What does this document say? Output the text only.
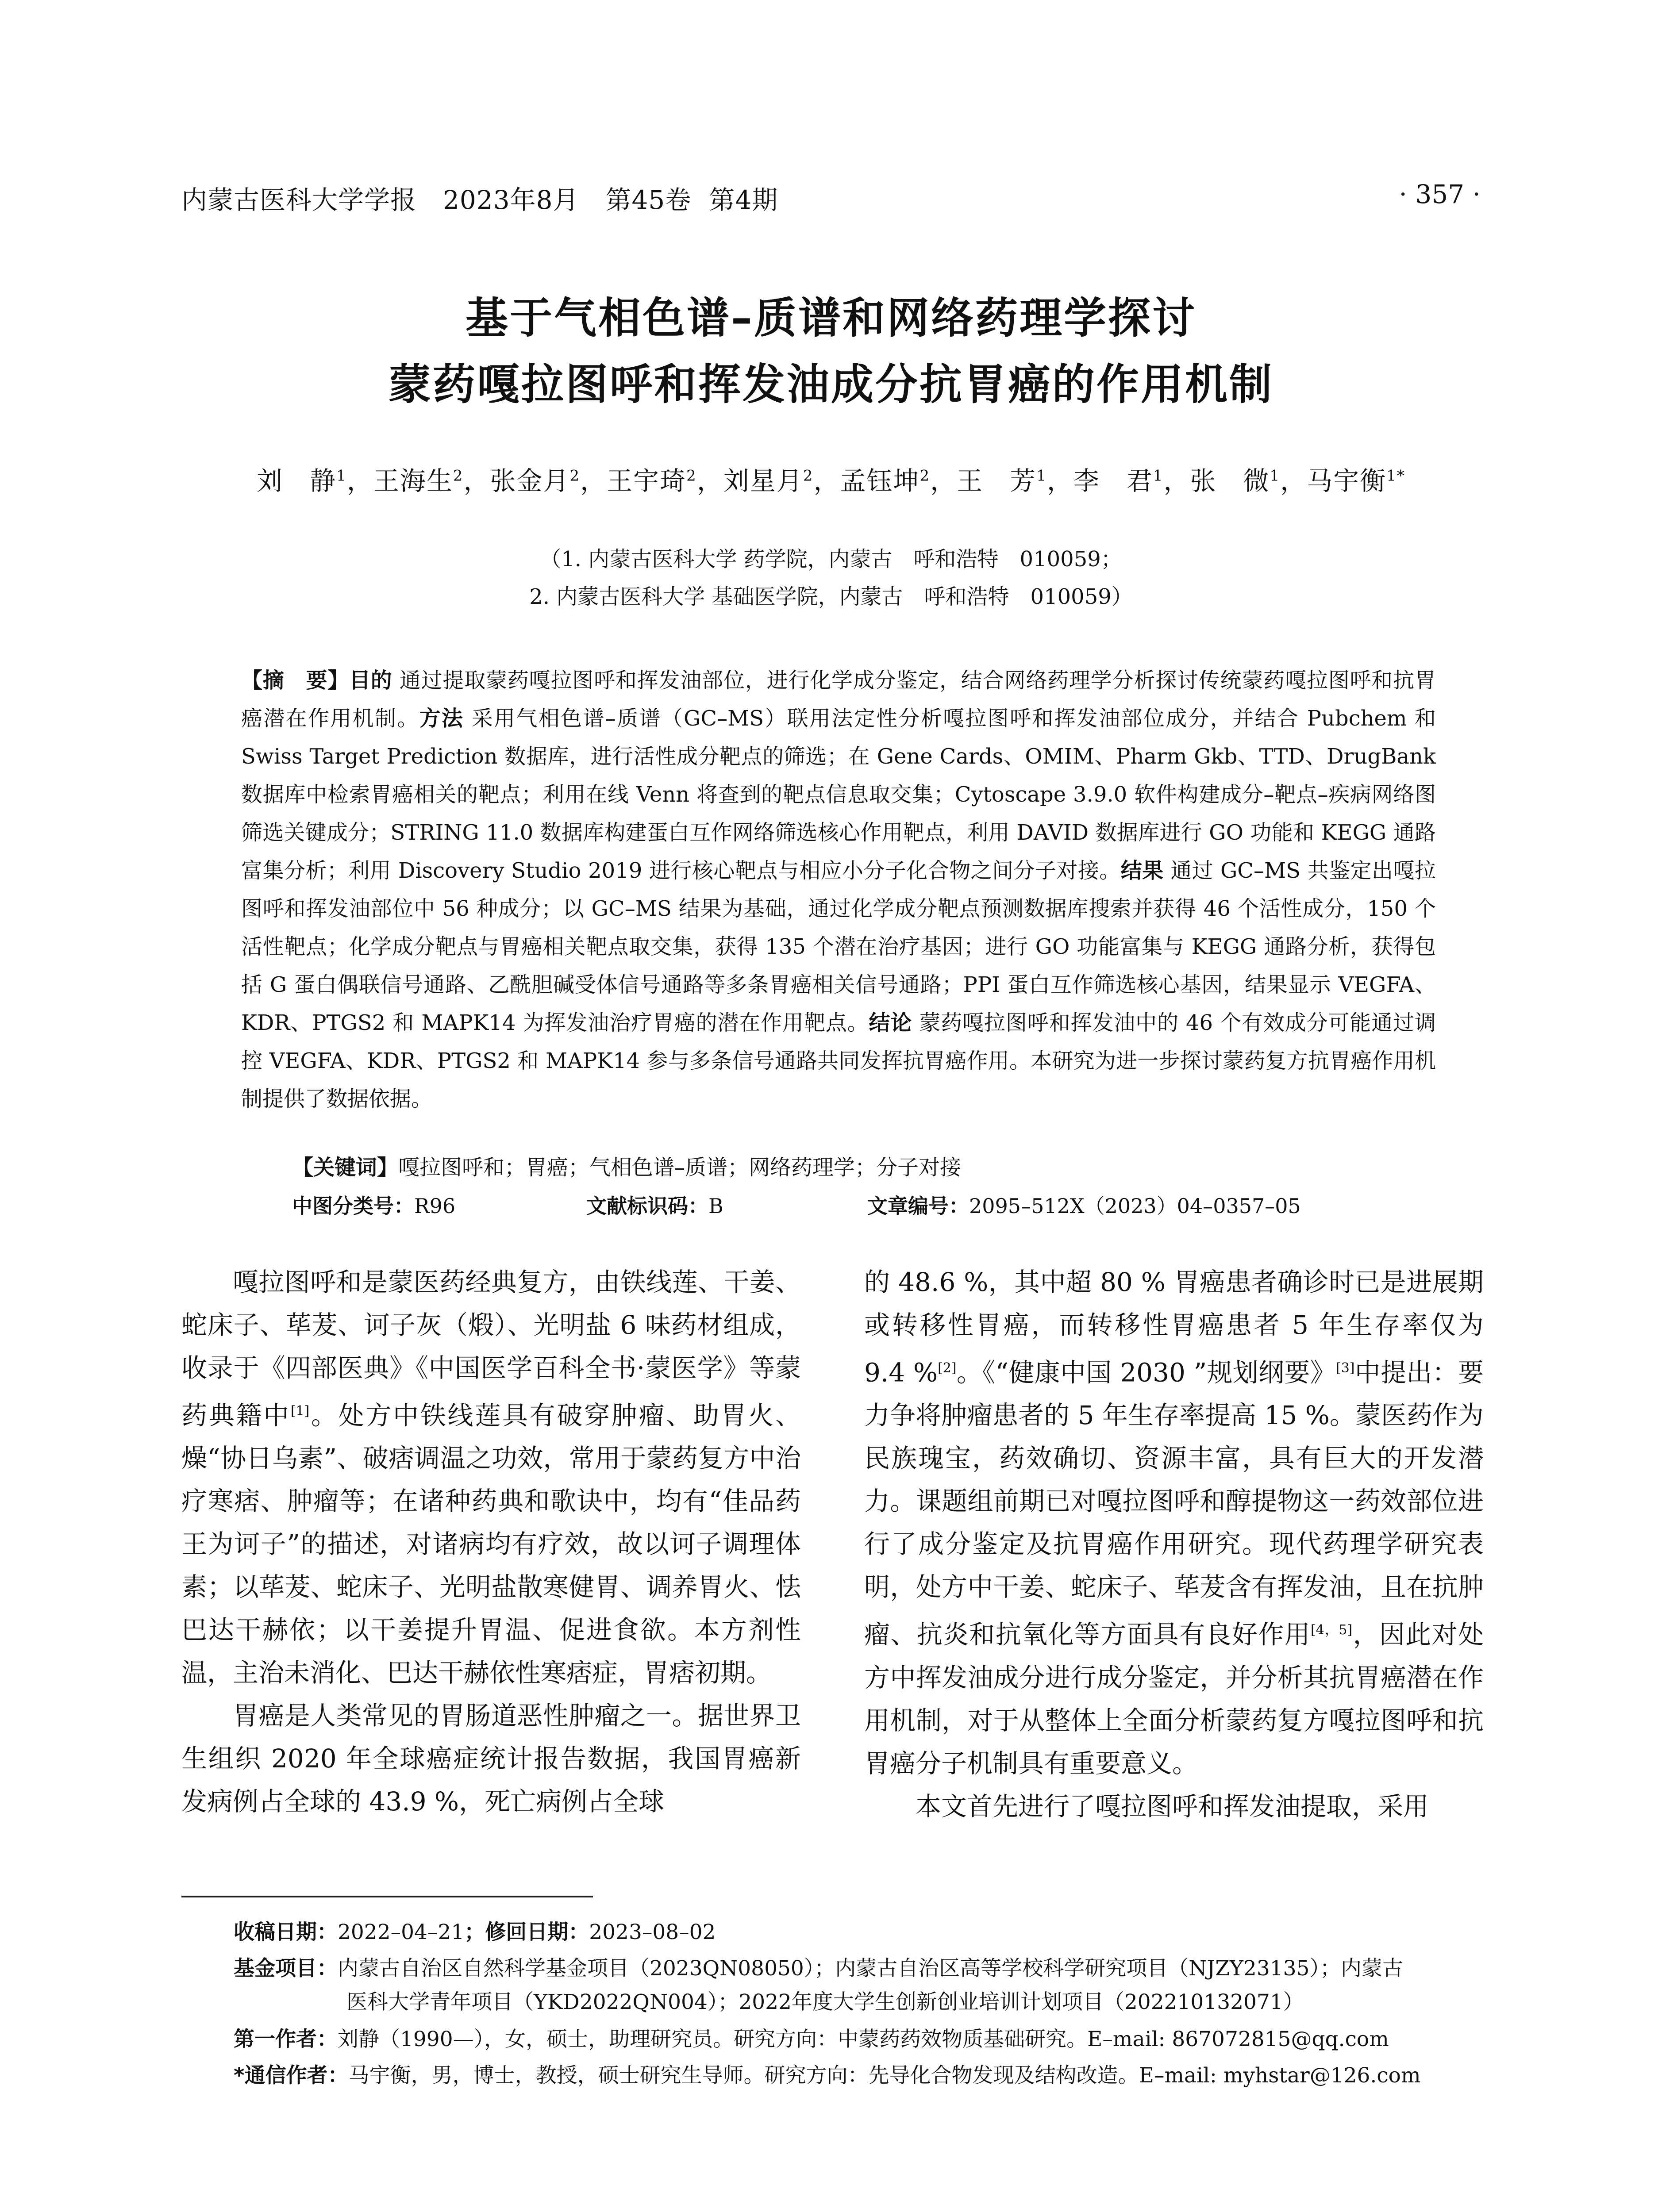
内蒙古医科大学学报 2023年8月 第45卷 第4期	· 357 ·
基于气相色谱–质谱和网络药理学探讨
蒙药嘎拉图呼和挥发油成分抗胃癌的作用机制
刘　静$^1$，王海生$^2$，张金月$^2$，王宇琦$^2$，刘星月$^2$，孟钰坤$^2$，王　芳$^1$，李　君$^1$，张　微$^1$，马宇衡$^{1*}$
（1. 内蒙古医科大学 药学院，内蒙古　呼和浩特　010059；
2. 内蒙古医科大学 基础医学院，内蒙古　呼和浩特　010059）
【摘　要】目的 通过提取蒙药嘎拉图呼和挥发油部位，进行化学成分鉴定，结合网络药理学分析探讨传统蒙药嘎拉图呼和抗胃癌潜在作用机制。方法 采用气相色谱–质谱（GC–MS）联用法定性分析嘎拉图呼和挥发油部位成分，并结合 Pubchem 和 Swiss Target Prediction 数据库，进行活性成分靶点的筛选；在 Gene Cards、OMIM、Pharm Gkb、TTD、DrugBank 数据库中检索胃癌相关的靶点；利用在线 Venn 将查到的靶点信息取交集；Cytoscape 3.9.0 软件构建成分–靶点–疾病网络图筛选关键成分；STRING 11.0 数据库构建蛋白互作网络筛选核心作用靶点，利用 DAVID 数据库进行 GO 功能和 KEGG 通路富集分析；利用 Discovery Studio 2019 进行核心靶点与相应小分子化合物之间分子对接。结果 通过 GC–MS 共鉴定出嘎拉图呼和挥发油部位中 56 种成分；以 GC–MS 结果为基础，通过化学成分靶点预测数据库搜索并获得 46 个活性成分，150 个活性靶点；化学成分靶点与胃癌相关靶点取交集，获得 135 个潜在治疗基因；进行 GO 功能富集与 KEGG 通路分析，获得包括 G 蛋白偶联信号通路、乙酰胆碱受体信号通路等多条胃癌相关信号通路；PPI 蛋白互作筛选核心基因，结果显示 VEGFA、KDR、PTGS2 和 MAPK14 为挥发油治疗胃癌的潜在作用靶点。结论 蒙药嘎拉图呼和挥发油中的 46 个有效成分可能通过调控 VEGFA、KDR、PTGS2 和 MAPK14 参与多条信号通路共同发挥抗胃癌作用。本研究为进一步探讨蒙药复方抗胃癌作用机制提供了数据依据。
【关键词】嘎拉图呼和；胃癌；气相色谱–质谱；网络药理学；分子对接
中图分类号：R96	文献标识码：B	文章编号：2095–512X（2023）04–0357–05

嘎拉图呼和是蒙医药经典复方，由铁线莲、干姜、蛇床子、荜茇、诃子灰（煅）、光明盐 6 味药材组成，收录于《四部医典》《中国医学百科全书·蒙医学》等蒙药典籍中[1]。处方中铁线莲具有破穿肿瘤、助胃火、燥“协日乌素”、破痞调温之功效，常用于蒙药复方中治疗寒痞、肿瘤等；在诸种药典和歌诀中，均有“佳品药王为诃子”的描述，对诸病均有疗效，故以诃子调理体素；以荜茇、蛇床子、光明盐散寒健胃、调养胃火、怯巴达干赫依；以干姜提升胃温、促进食欲。本方剂性温，主治未消化、巴达干赫依性寒痞症，胃痞初期。

胃癌是人类常见的胃肠道恶性肿瘤之一。据世界卫生组织 2020 年全球癌症统计报告数据，我国胃癌新发病例占全球的 43.9 %，死亡病例占全球

的 48.6 %，其中超 80 % 胃癌患者确诊时已是进展期或转移性胃癌，而转移性胃癌患者 5 年生存率仅为 9.4 %[2]。《“健康中国 2030 ”规划纲要》[3]中提出：要力争将肿瘤患者的 5 年生存率提高 15 %。蒙医药作为民族瑰宝，药效确切、资源丰富，具有巨大的开发潜力。课题组前期已对嘎拉图呼和醇提物这一药效部位进行了成分鉴定及抗胃癌作用研究。现代药理学研究表明，处方中干姜、蛇床子、荜茇含有挥发油，且在抗肿瘤、抗炎和抗氧化等方面具有良好作用[4，5]，因此对处方中挥发油成分进行成分鉴定，并分析其抗胃癌潜在作用机制，对于从整体上全面分析蒙药复方嘎拉图呼和抗胃癌分子机制具有重要意义。

本文首先进行了嘎拉图呼和挥发油提取，采用

收稿日期：2022–04–21；修回日期：2023–08–02
基金项目：内蒙古自治区自然科学基金项目（2023QN08050）；内蒙古自治区高等学校科学研究项目（NJZY23135）；内蒙古
医科大学青年项目（YKD2022QN004）；2022年度大学生创新创业培训计划项目（202210132071）
第一作者：刘静（1990—），女，硕士，助理研究员。研究方向：中蒙药药效物质基础研究。E–mail: 867072815@qq.com
*通信作者：马宇衡，男，博士，教授，硕士研究生导师。研究方向：先导化合物发现及结构改造。E–mail: myhstar@126.com
